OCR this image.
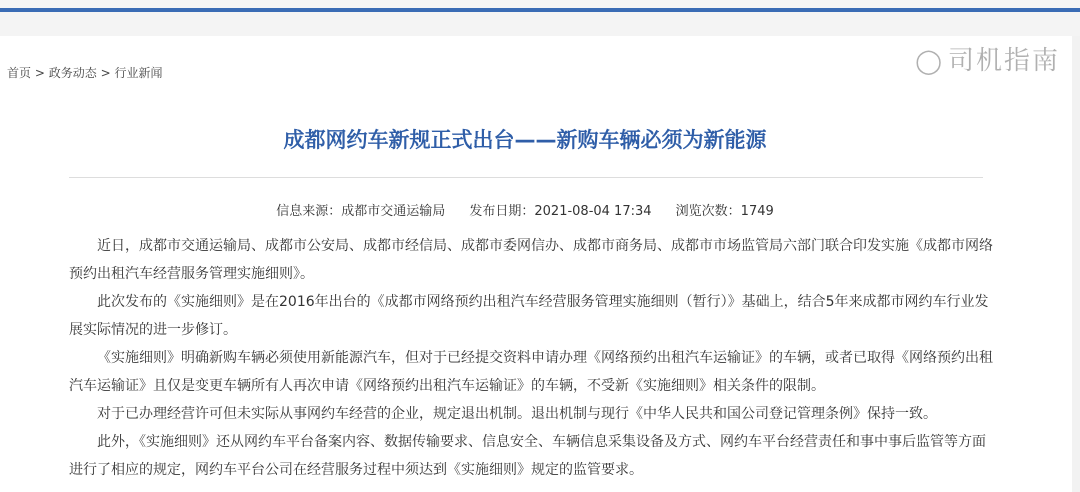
首页 > 政务动态 > 行业新闻	◯ 司机指南
成都网约车新规正式出台——新购车辆必须为新能源
信息来源：成都市交通运输局 发布日期：2021-08-04 17:34 浏览次数：1749

近日，成都市交通运输局、成都市公安局、成都市经信局、成都市委网信办、成都市商务局、成都市市场监管局六部门联合印发实施《成都市网络预约出租汽车经营服务管理实施细则》。

此次发布的《实施细则》是在2016年出台的《成都市网络预约出租汽车经营服务管理实施细则（暂行）》基础上，结合5年来成都市网约车行业发展实际情况的进一步修订。

《实施细则》明确新购车辆必须使用新能源汽车，但对于已经提交资料申请办理《网络预约出租汽车运输证》的车辆，或者已取得《网络预约出租汽车运输证》且仅是变更车辆所有人再次申请《网络预约出租汽车运输证》的车辆，不受新《实施细则》相关条件的限制。

对于已办理经营许可但未实际从事网约车经营的企业，规定退出机制。退出机制与现行《中华人民共和国公司登记管理条例》保持一致。

此外，《实施细则》还从网约车平台备案内容、数据传输要求、信息安全、车辆信息采集设备及方式、网约车平台经营责任和事中事后监管等方面进行了相应的规定，网约车平台公司在经营服务过程中须达到《实施细则》规定的监管要求。
